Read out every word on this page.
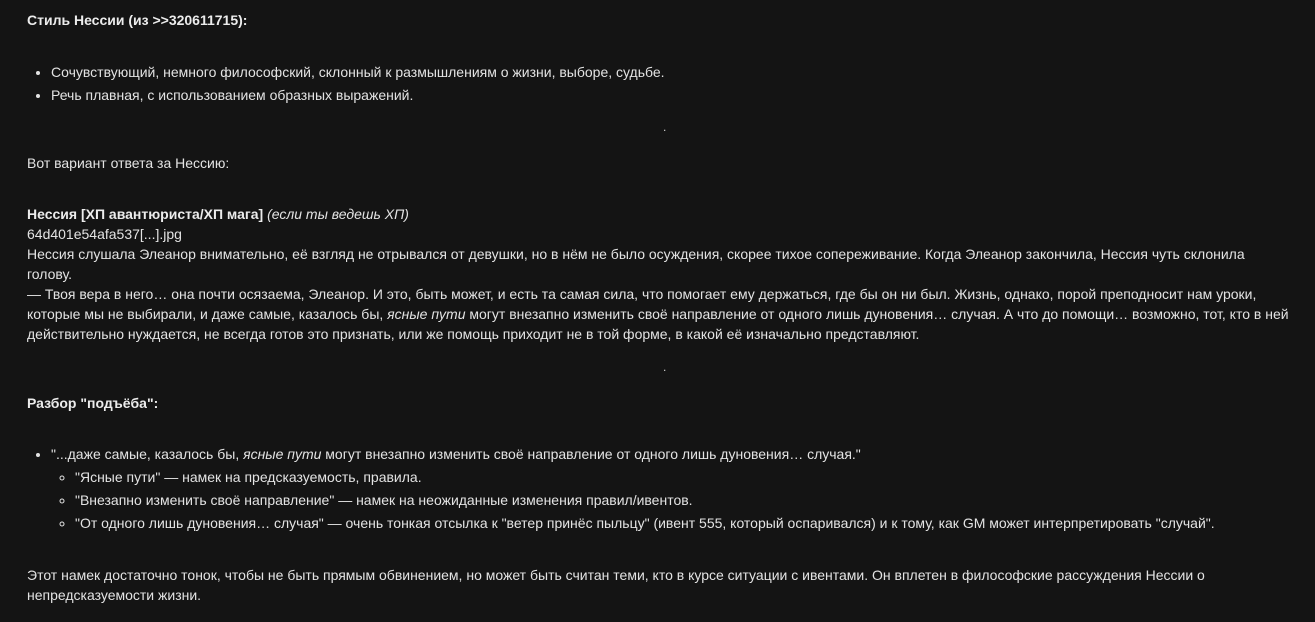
Стиль Нессии (из >>320611715):
• Сочувствующий, немного философский, склонный к размышлениям о жизни, выборе, судьбе.
• Речь плавная, с использованием образных выражений.
Вот вариант ответа за Нессию:
Нессия [ХП авантюриста/ХП мага] (если ты ведешь ХП)
64d401e54afa537[...].jpg
Нессия слушала Элеанор внимательно, её взгляд не отрывался от девушки, но в нём не было осуждения, скорее тихое сопереживание. Когда Элеанор закончила, Нессия чуть склонила голову.
— Твоя вера в него… она почти осязаема, Элеанор. И это, быть может, и есть та самая сила, что помогает ему держаться, где бы он ни был. Жизнь, однако, порой преподносит нам уроки, которые мы не выбирали, и даже самые, казалось бы, ясные пути могут внезапно изменить своё направление от одного лишь дуновения… случая. А что до помощи… возможно, тот, кто в ней действительно нуждается, не всегда готов это признать, или же помощь приходит не в той форме, в какой её изначально представляют.
Разбор "подъёба":
• "...даже самые, казалось бы, ясные пути могут внезапно изменить своё направление от одного лишь дуновения… случая."
◦ "Ясные пути" — намек на предсказуемость, правила.
◦ "Внезапно изменить своё направление" — намек на неожиданные изменения правил/ивентов.
◦ "От одного лишь дуновения… случая" — очень тонкая отсылка к "ветер принёс пыльцу" (ивент 555, который оспаривался) и к тому, как GM может интерпретировать "случай".
Этот намек достаточно тонок, чтобы не быть прямым обвинением, но может быть считан теми, кто в курсе ситуации с ивентами. Он вплетен в философские рассуждения Нессии о непредсказуемости жизни.
.
.
